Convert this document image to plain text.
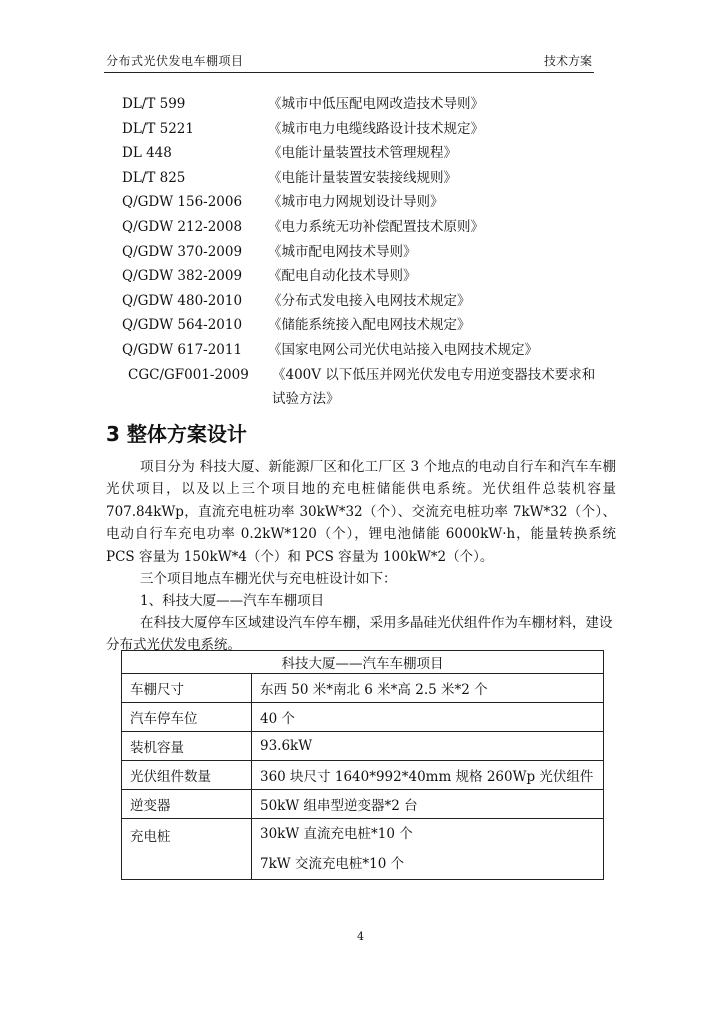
分布式光伏发电车棚项目	技术方案
DL/T 599	《城市中低压配电网改造技术导则》
DL/T 5221	《城市电力电缆线路设计技术规定》
DL 448	《电能计量装置技术管理规程》
DL/T 825	《电能计量装置安装接线规则》
Q/GDW 156-2006 《城市电力网规划设计导则》
Q/GDW 212-2008 《电力系统无功补偿配置技术原则》
Q/GDW 370-2009 《城市配电网技术导则》
Q/GDW 382-2009 《配电自动化技术导则》
Q/GDW 480-2010 《分布式发电接入电网技术规定》
Q/GDW 564-2010 《储能系统接入配电网技术规定》
Q/GDW 617-2011 《国家电网公司光伏电站接入电网技术规定》
CGC/GF001-2009 《400V 以下低压并网光伏发电专用逆变器技术要求和
试验方法》
3 整体方案设计
项目分为 科技大厦、新能源厂区和化工厂区 3 个地点的电动自行车和汽车车棚光伏项目，以及以上三个项目地的充电桩储能供电系统。光伏组件总装机容量 707.84kWp，直流充电桩功率 30kW*32（个）、交流充电桩功率 7kW*32（个）、电动自行车充电功率 0.2kW*120（个），锂电池储能 6000kW·h，能量转换系统 PCS 容量为 150kW*4（个）和 PCS 容量为 100kW*2（个）。
三个项目地点车棚光伏与充电桩设计如下：
1、科技大厦——汽车车棚项目
在科技大厦停车区域建设汽车停车棚，采用多晶硅光伏组件作为车棚材料，建设分布式光伏发电系统。
科技大厦——汽车车棚项目	
车棚尺寸	东西 50 米*南北 6 米*高 2.5 米*2 个
汽车停车位	40 个
装机容量	93.6kW
光伏组件数量	360 块尺寸 1640*992*40mm 规格 260Wp 光伏组件
逆变器	50kW 组串型逆变器*2 台
充电桩	30kW 直流充电桩*10 个
7kW 交流充电桩*10 个
4
